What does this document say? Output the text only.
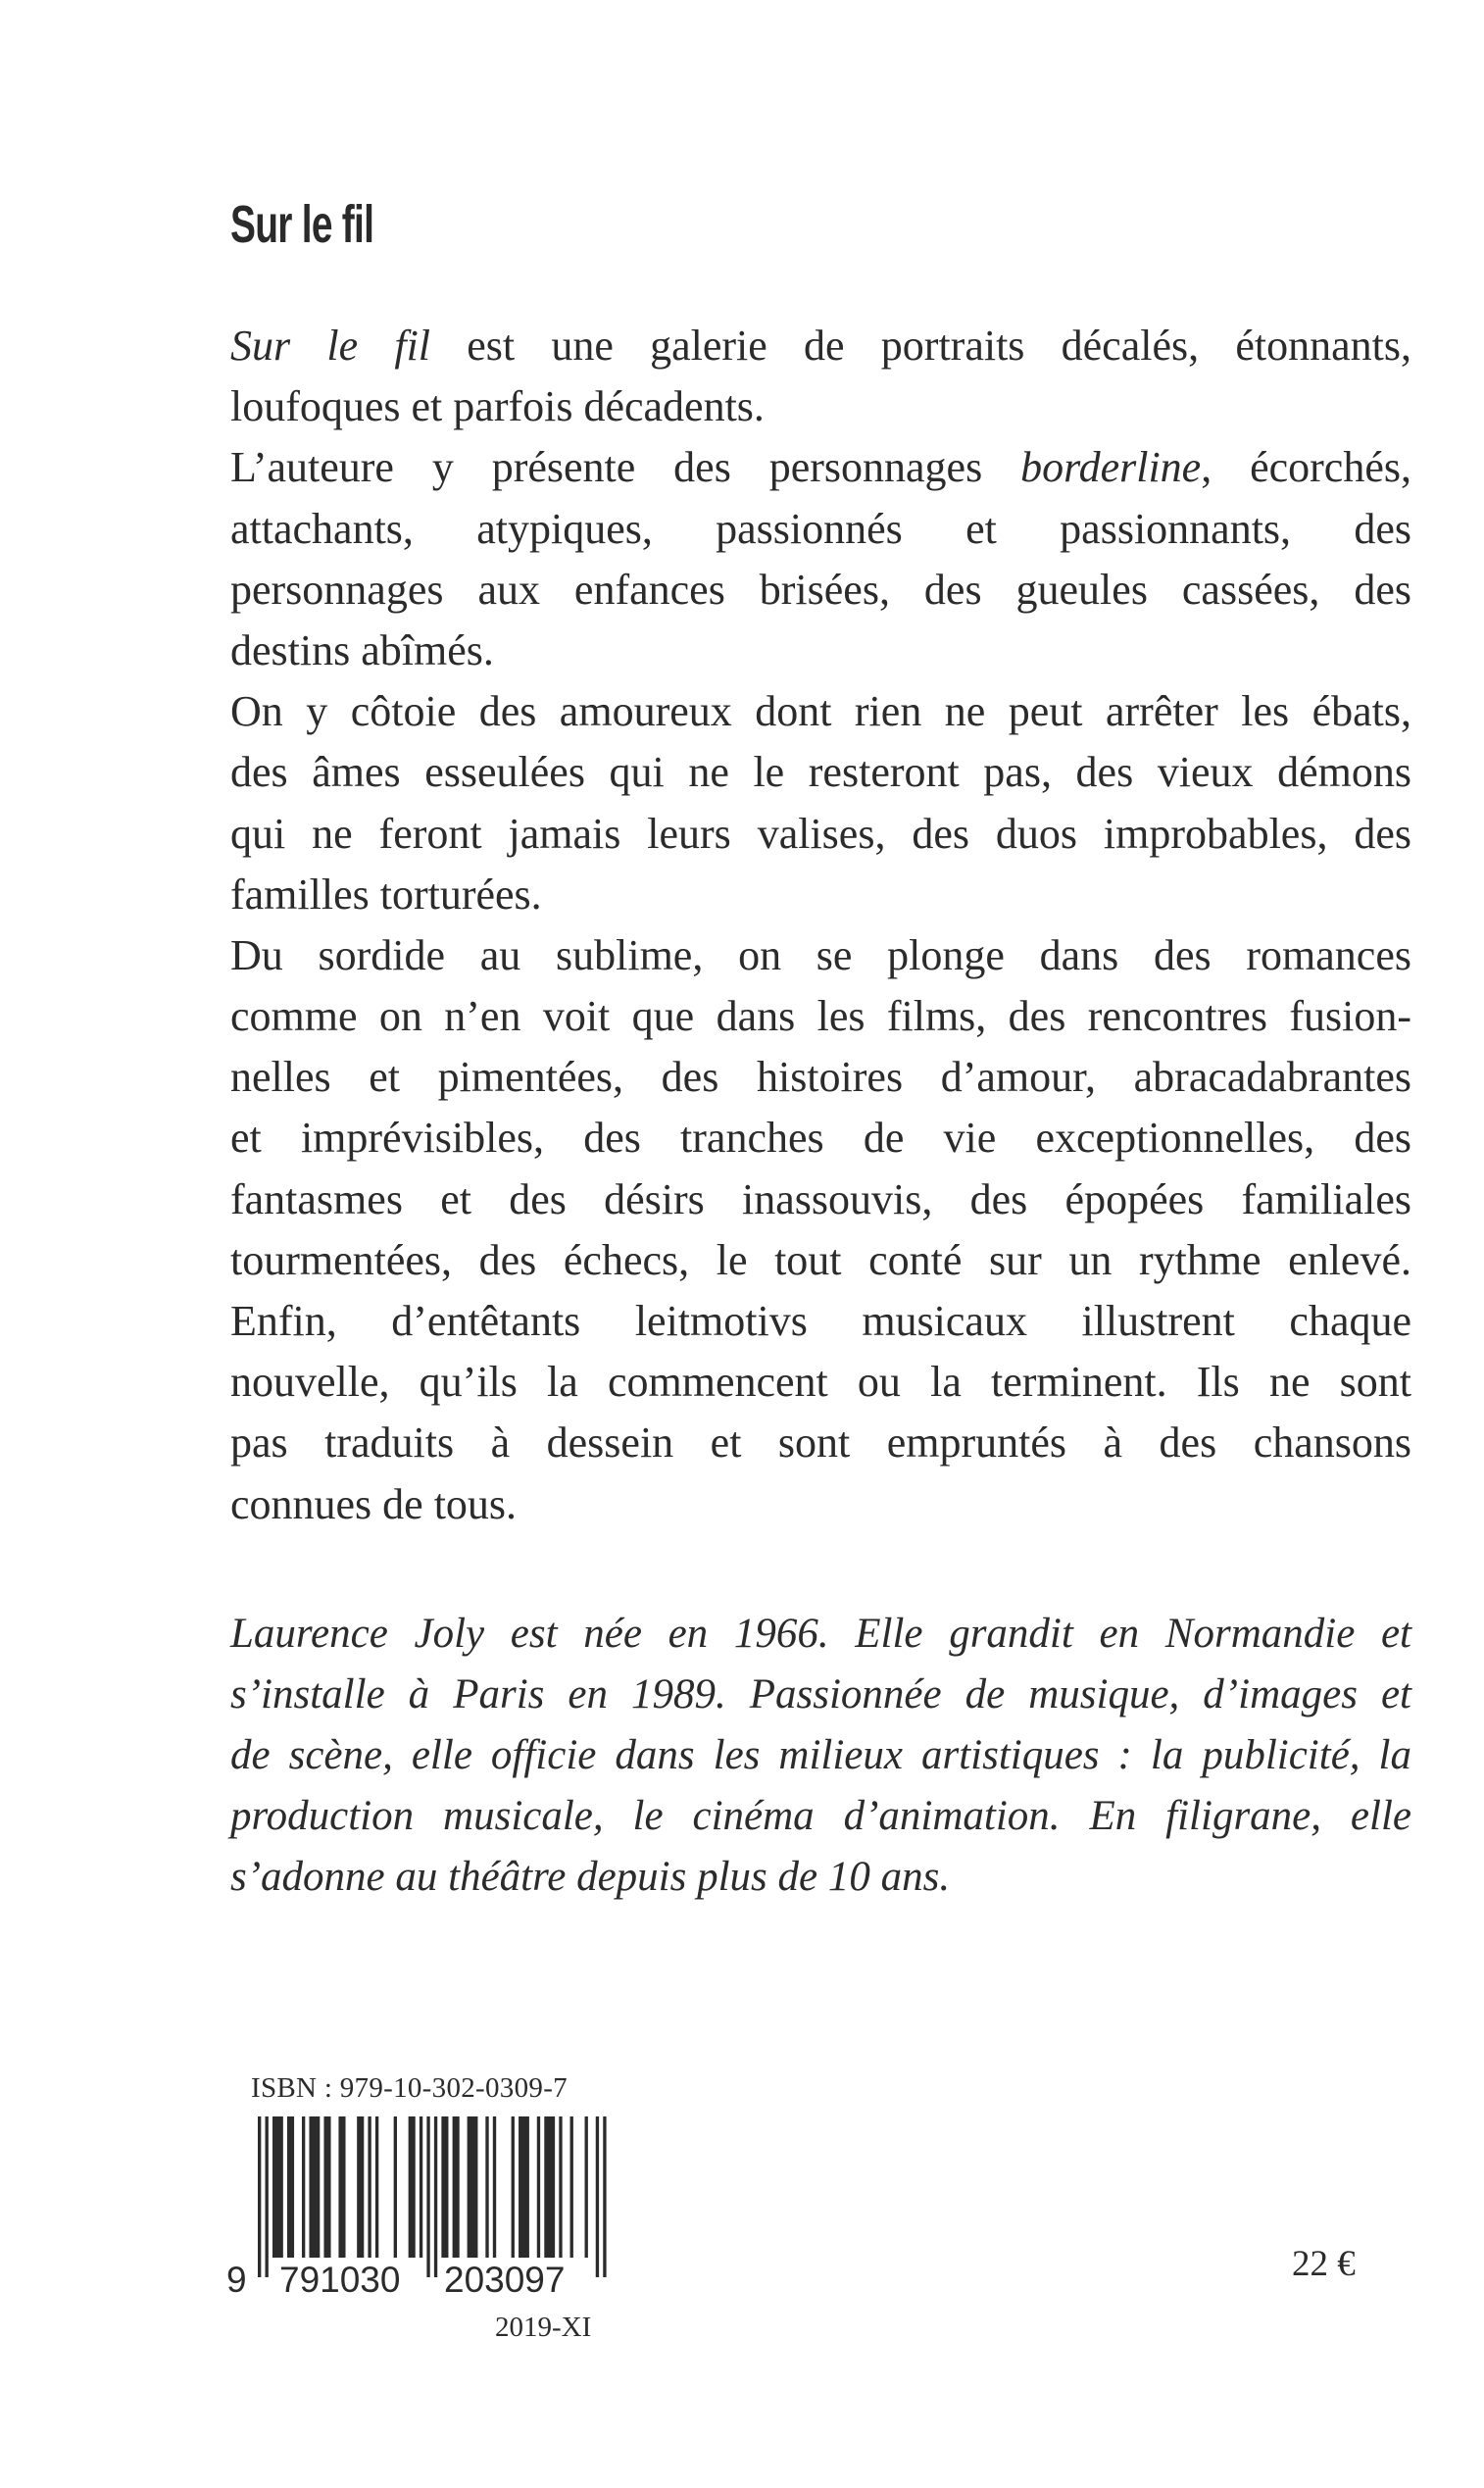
Sur le fil
Sur le fil est une galerie de portraits décalés, étonnants,
loufoques et parfois décadents.
L’auteure y présente des personnages borderline, écorchés,
attachants, atypiques, passionnés et passionnants, des
personnages aux enfances brisées, des gueules cassées, des
destins abîmés.
On y côtoie des amoureux dont rien ne peut arrêter les ébats,
des âmes esseulées qui ne le resteront pas, des vieux démons
qui ne feront jamais leurs valises, des duos improbables, des
familles torturées.
Du sordide au sublime, on se plonge dans des romances
comme on n’en voit que dans les films, des rencontres fusion-
nelles et pimentées, des histoires d’amour, abracadabrantes
et imprévisibles, des tranches de vie exceptionnelles, des
fantasmes et des désirs inassouvis, des épopées familiales
tourmentées, des échecs, le tout conté sur un rythme enlevé.
Enfin, d’entêtants leitmotivs musicaux illustrent chaque
nouvelle, qu’ils la commencent ou la terminent. Ils ne sont
pas traduits à dessein et sont empruntés à des chansons
connues de tous.
Laurence Joly est née en 1966. Elle grandit en Normandie et
s’installe à Paris en 1989. Passionnée de musique, d’images et
de scène, elle officie dans les milieux artistiques : la publicité, la
production musicale, le cinéma d’animation. En filigrane, elle
s’adonne au théâtre depuis plus de 10 ans.
ISBN : 979-10-302-0309-7
9 791030 203097
2019-XI
22 €
